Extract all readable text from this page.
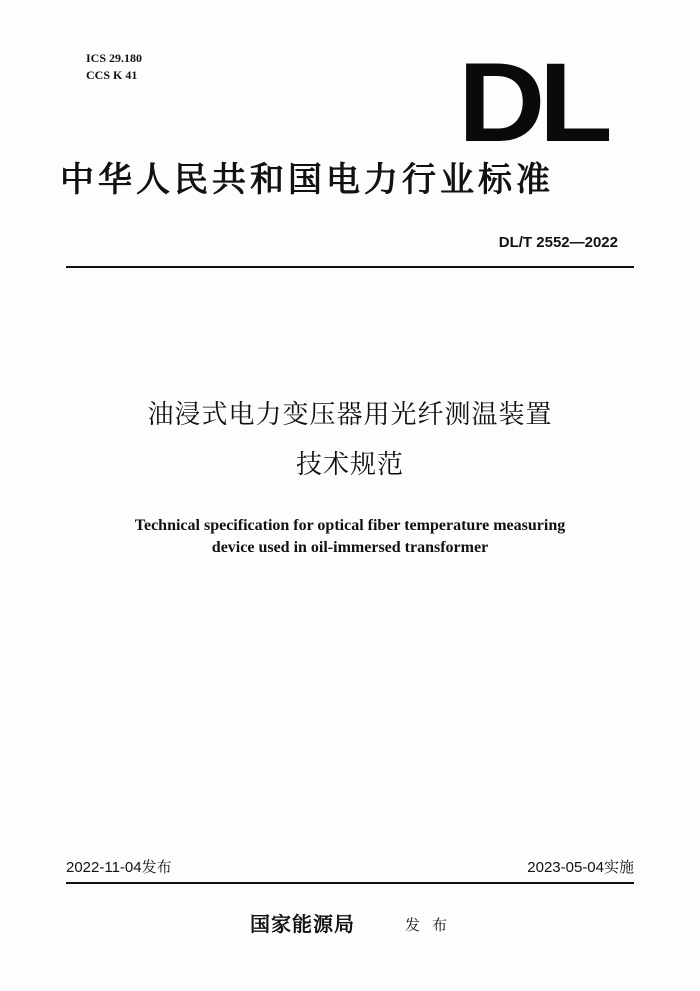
ICS 29.180
CCS K 41	DL
中华人民共和国电力行业标准
DL/T 2552—2022
油浸式电力变压器用光纤测温装置
技术规范
Technical specification for optical fiber temperature measuring
device used in oil-immersed transformer
2022-11-04发布	2023-05-04实施
国家能源局	发布
